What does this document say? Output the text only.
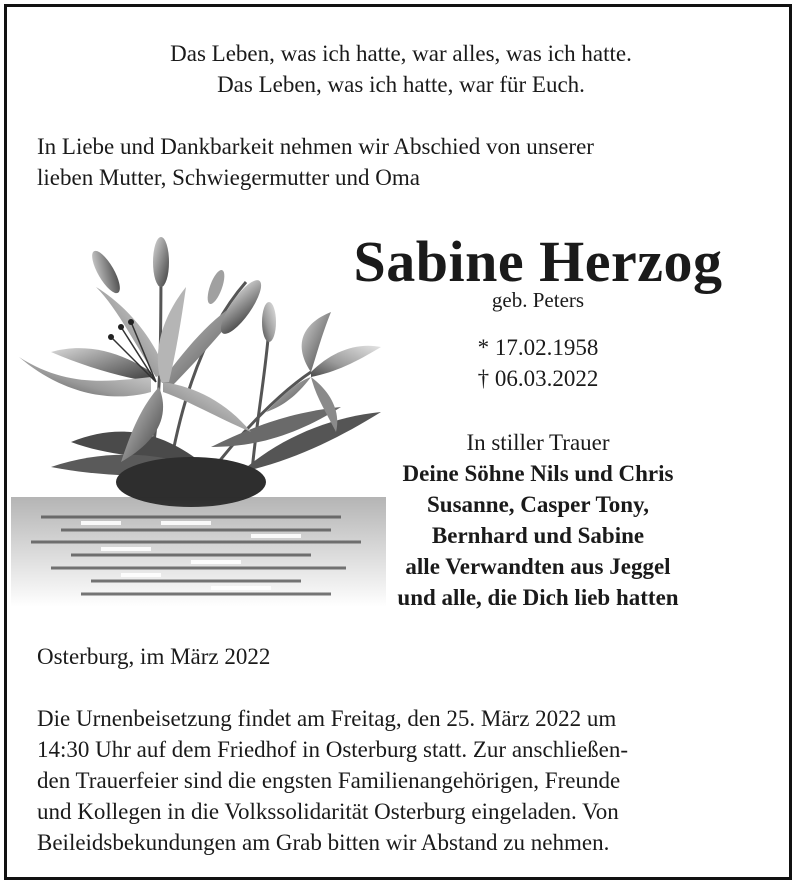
Das Leben, was ich hatte, war alles, was ich hatte.
Das Leben, was ich hatte, war für Euch.
In Liebe und Dankbarkeit nehmen wir Abschied von unserer
lieben Mutter, Schwiegermutter und Oma
Sabine Herzog
geb. Peters
* 17.02.1958
† 06.03.2022
In stiller Trauer
Deine Söhne Nils und Chris
Susanne, Casper Tony,
Bernhard und Sabine
alle Verwandten aus Jeggel
und alle, die Dich lieb hatten
Osterburg, im März 2022
Die Urnenbeisetzung findet am Freitag, den 25. März 2022 um
14:30 Uhr auf dem Friedhof in Osterburg statt. Zur anschließen-
den Trauerfeier sind die engsten Familienangehörigen, Freunde
und Kollegen in die Volkssolidarität Osterburg eingeladen. Von
Beileidsbekundungen am Grab bitten wir Abstand zu nehmen.
